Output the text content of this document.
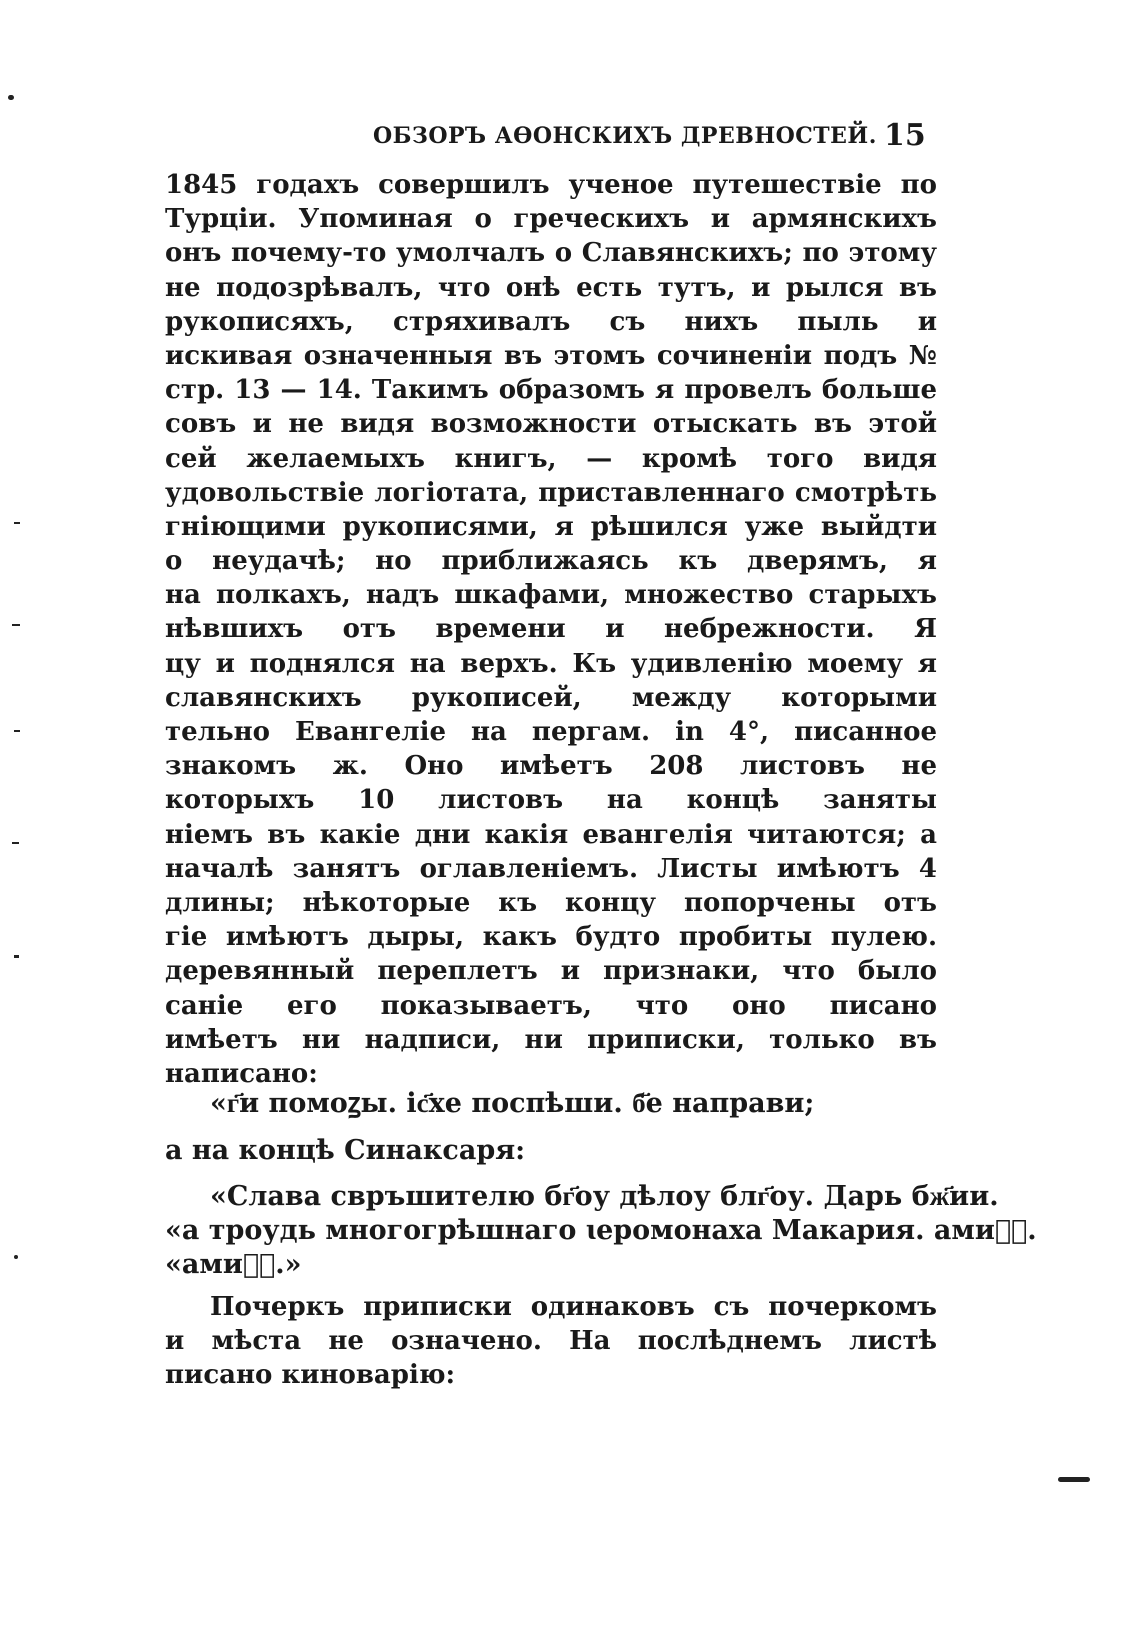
ОБЗОРЪ АѲОНСКИХЪ ДРЕВНОСТЕЙ. 15
1845 годахъ совершилъ ученое путешествіе по
Турціи. Упоминая о греческихъ и армянскихъ
онъ почему-то умолчалъ о Славянскихъ; по этому
не подозрѣвалъ, что онѣ есть тутъ, и рылся въ
рукописяхъ, стряхивалъ съ нихъ пыль и
искивая означенныя въ этомъ сочиненіи подъ №
стр. 13 — 14. Такимъ образомъ я провелъ больше
совъ и не видя возможности отыскать въ этой
сей желаемыхъ книгъ, — кромѣ того видя
удовольствіе логіотата, приставленнаго смотрѣть
гніющими рукописями, я рѣшился уже выйдти
о неудачѣ; но приближаясь къ дверямъ, я
на полкахъ, надъ шкафами, множество старыхъ
нѣвшихъ отъ времени и небрежности. Я
цу и поднялся на верхъ. Къ удивленію моему я
славянскихъ рукописей, между которыми
тельно Евангеліе на пергам. in 4°, писанное
знакомъ ж. Оно имѣетъ 208 листовъ не
которыхъ 10 листовъ на концѣ заняты
ніемъ въ какіе дни какія евангелія читаются; а
началѣ занятъ оглавленіемъ. Листы имѣютъ 4
длины; нѣкоторые къ концу попорчены отъ
гіе имѣютъ дыры, какъ будто пробиты пулею.
деревянный переплетъ и признаки, что было
саніе его показываетъ, что оно писано
имѣетъ ни надписи, ни приписки, только въ
написано:
«г҃и помоꙁы. іс҃хе поспѣши. б҃е направи;
а на концѣ Синаксаря:
«Слава свръшителю бг҃оу дѣлоу блг҃оу. Дарь бж҃ии.
«а троудь многогрѣшнаго ꙇеромонаха Макария. амиⷩ҇.
«амиⷩ҇.»
Почеркъ приписки одинаковъ съ почеркомъ
и мѣста не означено. На послѣднемъ листѣ
писано киноварію:
